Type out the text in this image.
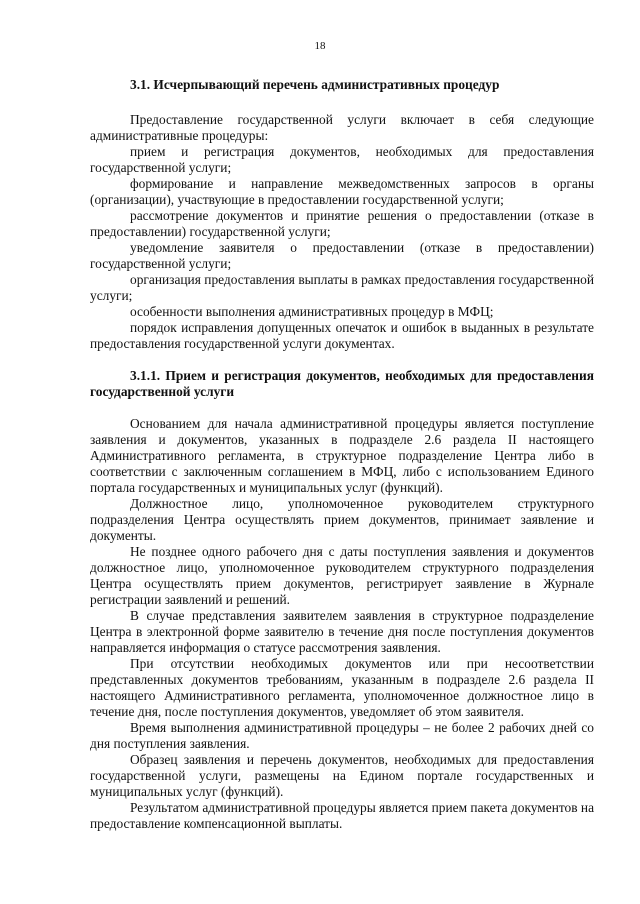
18
3.1. Исчерпывающий перечень административных процедур
Предоставление государственной услуги включает в себя следующие административные процедуры:
прием и регистрация документов, необходимых для предоставления государственной услуги;
формирование и направление межведомственных запросов в органы (организации), участвующие в предоставлении государственной услуги;
рассмотрение документов и принятие решения о предоставлении (отказе в предоставлении) государственной услуги;
уведомление заявителя о предоставлении (отказе в предоставлении) государственной услуги;
организация предоставления выплаты в рамках предоставления государственной услуги;
особенности выполнения административных процедур в МФЦ;
порядок исправления допущенных опечаток и ошибок в выданных в результате предоставления государственной услуги документах.
3.1.1. Прием и регистрация документов, необходимых для предоставления государственной услуги
Основанием для начала административной процедуры является поступление заявления и документов, указанных в подразделе 2.6 раздела II настоящего Административного регламента, в структурное подразделение Центра либо в соответствии с заключенным соглашением в МФЦ, либо с использованием Единого портала государственных и муниципальных услуг (функций).
Должностное лицо, уполномоченное руководителем структурного подразделения Центра осуществлять прием документов, принимает заявление и документы.
Не позднее одного рабочего дня с даты поступления заявления и документов должностное лицо, уполномоченное руководителем структурного подразделения Центра осуществлять прием документов, регистрирует заявление в Журнале регистрации заявлений и решений.
В случае представления заявителем заявления в структурное подразделение Центра в электронной форме заявителю в течение дня после поступления документов направляется информация о статусе рассмотрения заявления.
При отсутствии необходимых документов или при несоответствии представленных документов требованиям, указанным в подразделе 2.6 раздела II настоящего Административного регламента, уполномоченное должностное лицо в течение дня, после поступления документов, уведомляет об этом заявителя.
Время выполнения административной процедуры – не более 2 рабочих дней со дня поступления заявления.
Образец заявления и перечень документов, необходимых для предоставления государственной услуги, размещены на Едином портале государственных и муниципальных услуг (функций).
Результатом административной процедуры является прием пакета документов на предоставление компенсационной выплаты.
